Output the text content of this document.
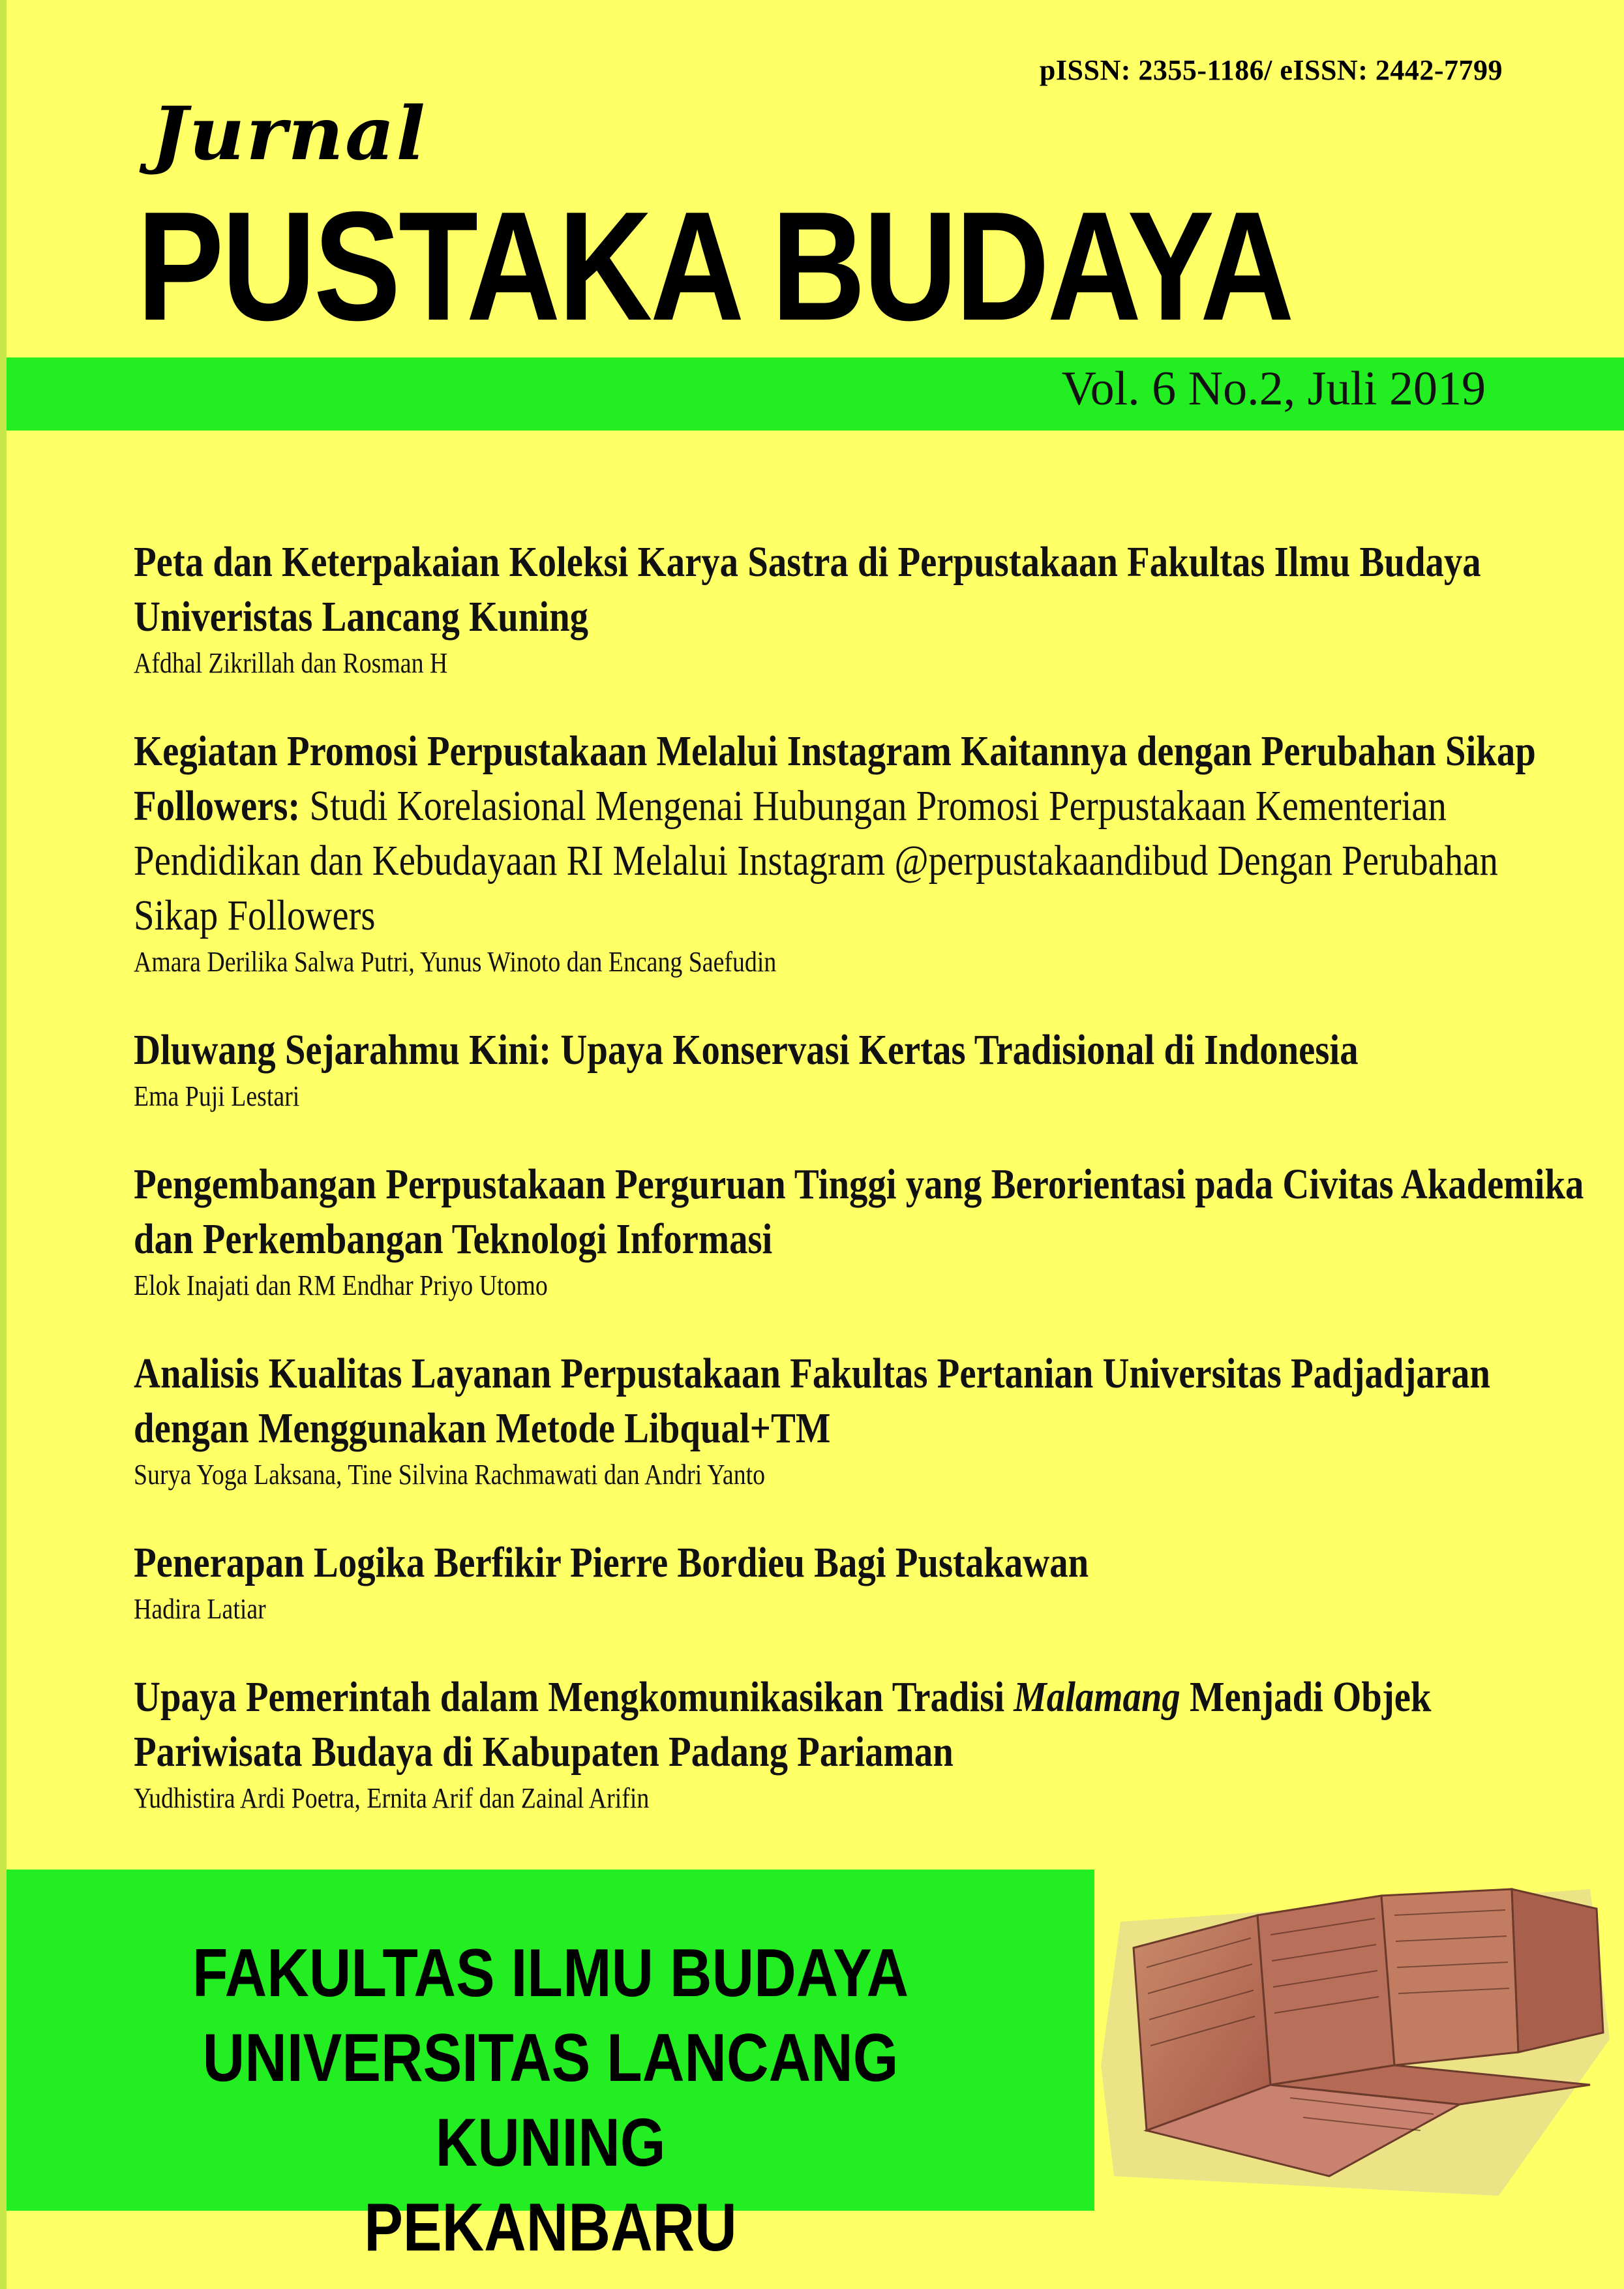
pISSN: 2355-1186/ eISSN: 2442-7799
Jurnal
PUSTAKA BUDAYA
Vol. 6 No.2, Juli 2019
Peta dan Keterpakaian Koleksi Karya Sastra di Perpustakaan Fakultas Ilmu Budaya Univeristas Lancang Kuning
Afdhal Zikrillah dan Rosman H
Kegiatan Promosi Perpustakaan Melalui Instagram Kaitannya dengan Perubahan Sikap Followers: Studi Korelasional Mengenai Hubungan Promosi Perpustakaan Kementerian Pendidikan dan Kebudayaan RI Melalui Instagram @perpustakaandibud Dengan Perubahan Sikap Followers
Amara Derilika Salwa Putri, Yunus Winoto dan Encang Saefudin
Dluwang Sejarahmu Kini: Upaya Konservasi Kertas Tradisional di Indonesia
Ema Puji Lestari
Pengembangan Perpustakaan Perguruan Tinggi yang Berorientasi pada Civitas Akademika dan Perkembangan Teknologi Informasi
Elok Inajati dan RM Endhar Priyo Utomo
Analisis Kualitas Layanan Perpustakaan Fakultas Pertanian Universitas Padjadjaran dengan Menggunakan Metode Libqual+TM
Surya Yoga Laksana, Tine Silvina Rachmawati dan Andri Yanto
Penerapan Logika Berfikir Pierre Bordieu Bagi Pustakawan
Hadira Latiar
Upaya Pemerintah dalam Mengkomunikasikan Tradisi Malamang Menjadi Objek Pariwisata Budaya di Kabupaten Padang Pariaman
Yudhistira Ardi Poetra, Ernita Arif dan Zainal Arifin
FAKULTAS ILMU BUDAYA
UNIVERSITAS LANCANG KUNING
PEKANBARU
